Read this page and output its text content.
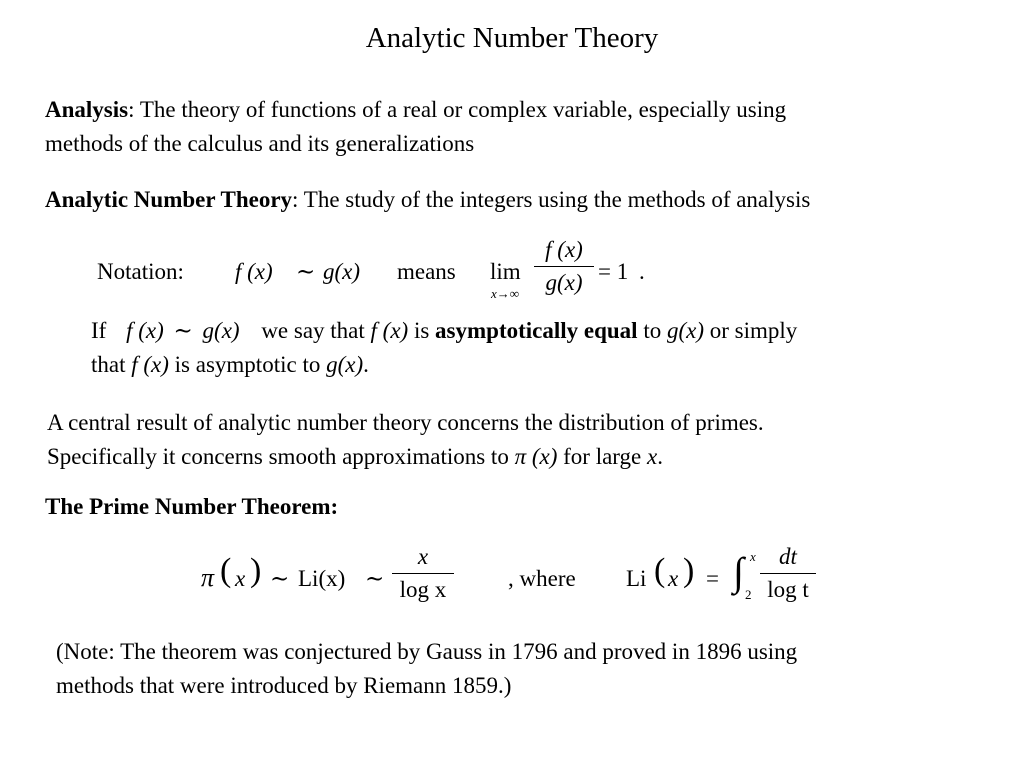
Analytic Number Theory
Analysis: The theory of functions of a real or complex variable, especially using
methods of the calculus and its generalizations
Analytic Number Theory: The study of the integers using the methods of analysis
Notation: f (x) ∼ g(x) means lim
x→∞
f (x)
g(x) = 1 .
If f (x) ∼ g(x) we say that f (x) is asymptotically equal to g(x) or simply
that f (x) is asymptotic to g(x).
A central result of analytic number theory concerns the distribution of primes.
Specifically it concerns smooth approximations to π (x) for large x.
The Prime Number Theorem:
π ( x ) ∼ Li(x) ∼
x
log x	, where Li ( x ) = ∫ x
2
dt
log t
(Note: The theorem was conjectured by Gauss in 1796 and proved in 1896 using
methods that were introduced by Riemann 1859.)
